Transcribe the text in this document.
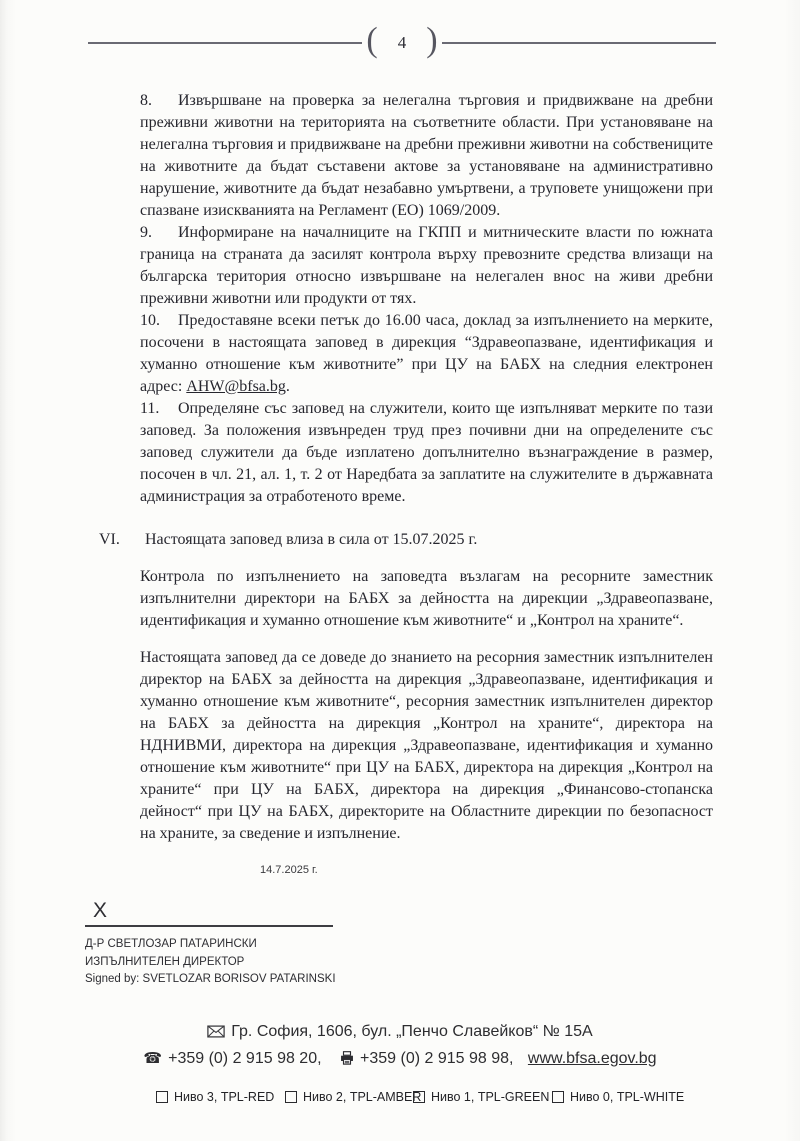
( 4 )

8. Извършване на проверка за нелегална търговия и придвижване на дребни преживни животни на територията на съответните области. При установяване на нелегална търговия и придвижване на дребни преживни животни на собствениците на животните да бъдат съставени актове за установяване на административно нарушение, животните да бъдат незабавно умъртвени, а труповете унищожени при спазване изискванията на Регламент (ЕО) 1069/2009.

9. Информиране на началниците на ГКПП и митническите власти по южната граница на страната да засилят контрола върху превозните средства влизащи на българска територия относно извършване на нелегален внос на живи дребни преживни животни или продукти от тях.

10. Предоставяне всеки петък до 16.00 часа, доклад за изпълнението на мерките, посочени в настоящата заповед в дирекция “Здравеопазване, идентификация и хуманно отношение към животните” при ЦУ на БАБХ на следния електронен адрес: AHW@bfsa.bg.

11. Определяне със заповед на служители, които ще изпълняват мерките по тази заповед. За положения извънреден труд през почивни дни на определените със заповед служители да бъде изплатено допълнително възнаграждение в размер, посочен в чл. 21, ал. 1, т. 2 от Наредбата за заплатите на служителите в държавната администрация за отработеното време.

VI. Настоящата заповед влиза в сила от 15.07.2025 г.

Контрола по изпълнението на заповедта възлагам на ресорните заместник изпълнителни директори на БАБХ за дейността на дирекции „Здравеопазване, идентификация и хуманно отношение към животните“ и „Контрол на храните“.

Настоящата заповед да се доведе до знанието на ресорния заместник изпълнителен директор на БАБХ за дейността на дирекция „Здравеопазване, идентификация и хуманно отношение към животните“, ресорния заместник изпълнителен директор на БАБХ за дейността на дирекция „Контрол на храните“, директора на НДНИВМИ, директора на дирекция „Здравеопазване, идентификация и хуманно отношение към животните“ при ЦУ на БАБХ, директора на дирекция „Контрол на храните“ при ЦУ на БАБХ, директора на дирекция „Финансово-стопанска дейност“ при ЦУ на БАБХ, директорите на Областните дирекции по безопасност на храните, за сведение и изпълнение.

14.7.2025 г.
X
Д-Р СВЕТЛОЗАР ПАТАРИНСКИ
ИЗПЪЛНИТЕЛЕН ДИРЕКТОР
Signed by: SVETLOZAR BORISOV PATARINSKI
Гр. София, 1606, бул. „Пенчо Славейков“ № 15А
☎ +359 (0) 2 915 98 20, +359 (0) 2 915 98 98, www.bfsa.egov.bg
Ниво 3, TPL-RED Ниво 2, TPL-AMBER Ниво 1, TPL-GREEN Ниво 0, TPL-WHITE
